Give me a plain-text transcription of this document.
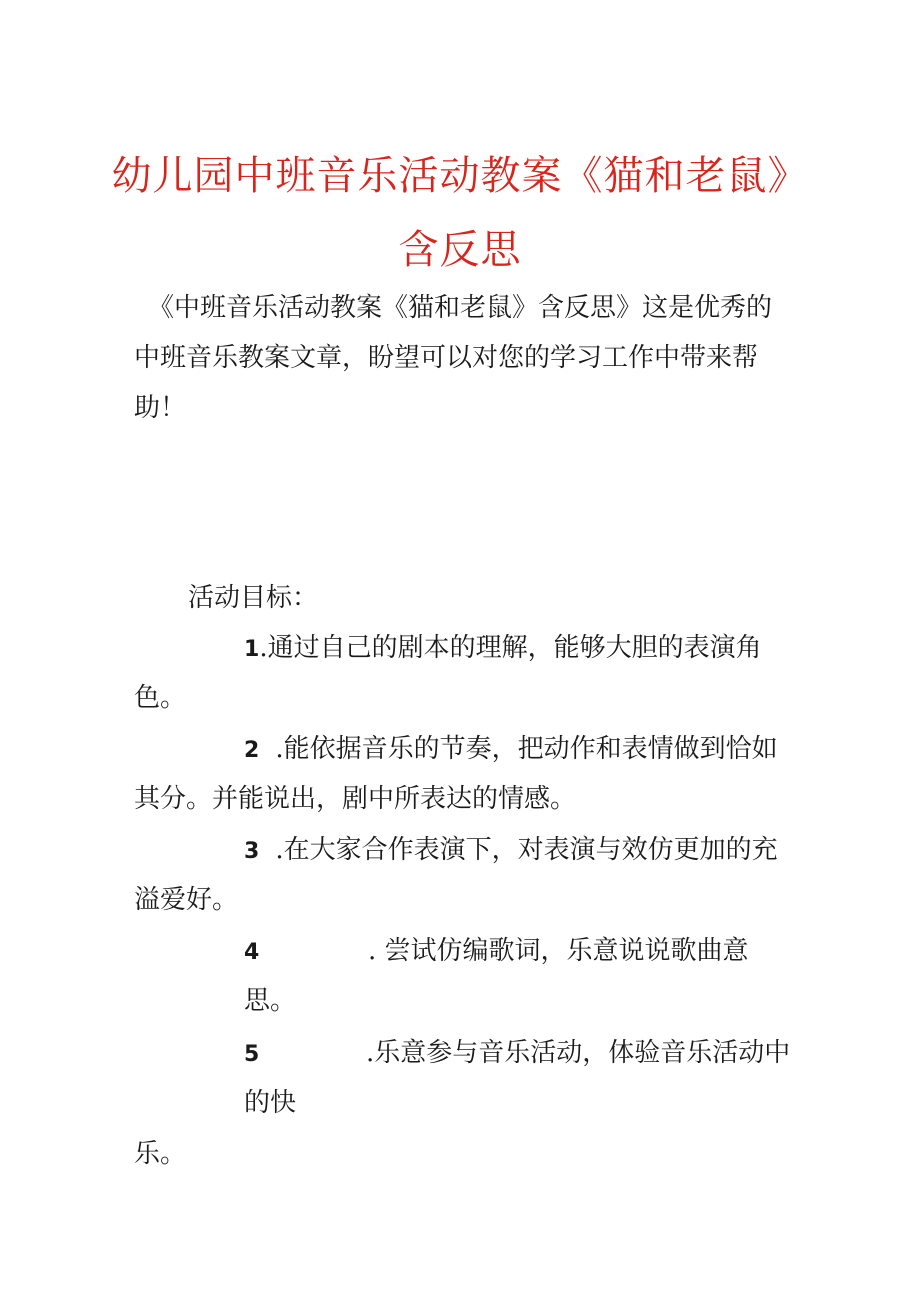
幼儿园中班音乐活动教案《猫和老鼠》
含反思
《中班音乐活动教案《猫和老鼠》含反思》这是优秀的
中班音乐教案文章，盼望可以对您的学习工作中带来帮
助！
活动目标：
1.通过自己的剧本的理解，能够大胆的表演角
色。
2 .能依据音乐的节奏，把动作和表情做到恰如
其分。并能说出，剧中所表达的情感。
3 .在大家合作表演下，对表演与效仿更加的充
溢爱好。
4	. 尝试仿编歌词，乐意说说歌曲意
思。
5	.乐意参与音乐活动，体验音乐活动中
的快
乐。
